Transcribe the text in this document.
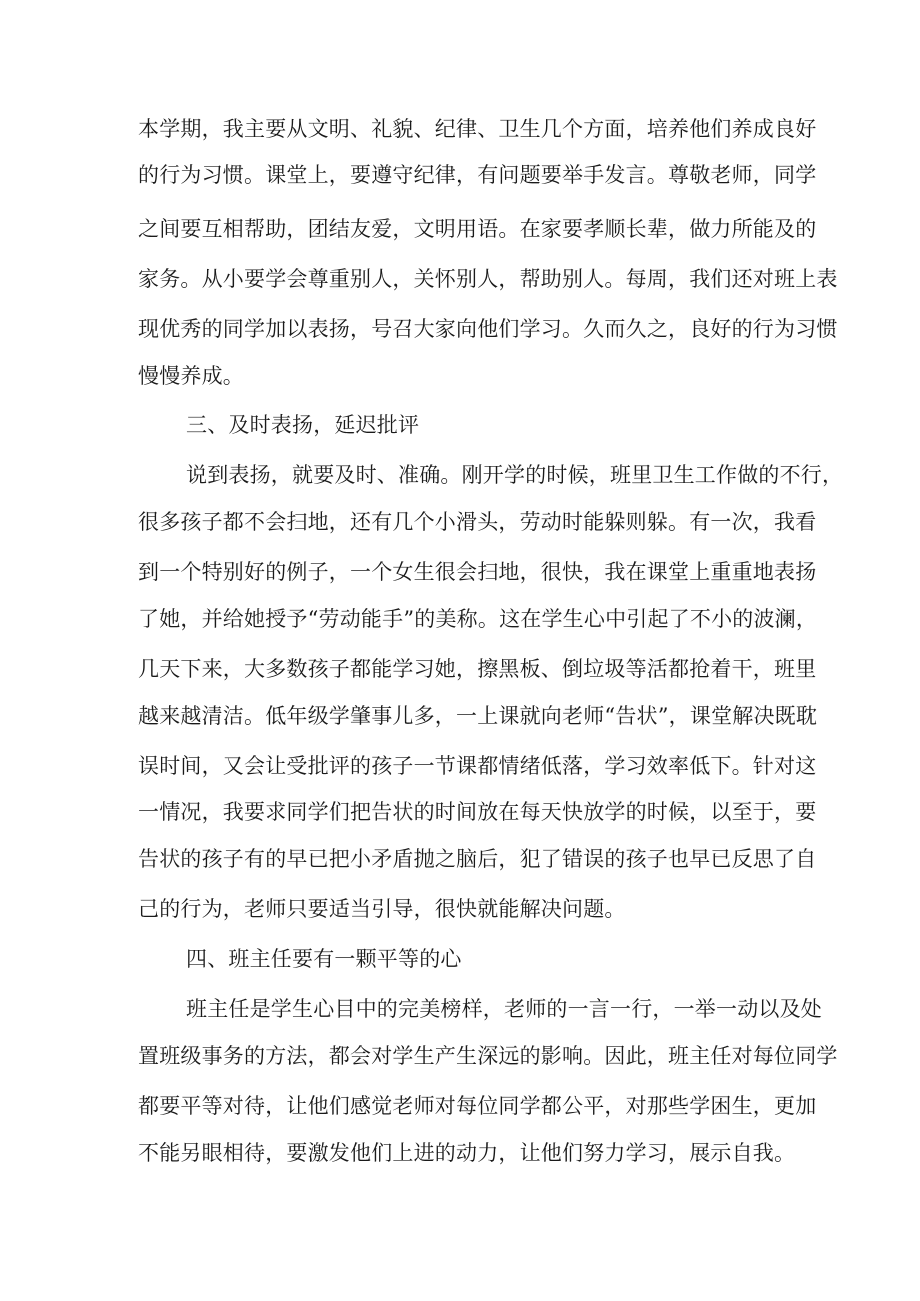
本学期，我主要从文明、礼貌、纪律、卫生几个方面，培养他们养成良好
的行为习惯。课堂上，要遵守纪律，有问题要举手发言。尊敬老师，同学
之间要互相帮助，团结友爱，文明用语。在家要孝顺长辈，做力所能及的
家务。从小要学会尊重别人，关怀别人，帮助别人。每周，我们还对班上表
现优秀的同学加以表扬，号召大家向他们学习。久而久之，良好的行为习惯
慢慢养成。
三、及时表扬，延迟批评
说到表扬，就要及时、准确。刚开学的时候，班里卫生工作做的不行，
很多孩子都不会扫地，还有几个小滑头，劳动时能躲则躲。有一次，我看
到一个特别好的例子，一个女生很会扫地，很快，我在课堂上重重地表扬
了她，并给她授予“劳动能手”的美称。这在学生心中引起了不小的波澜，
几天下来，大多数孩子都能学习她，擦黑板、倒垃圾等活都抢着干，班里
越来越清洁。低年级学肇事儿多，一上课就向老师“告状”，课堂解决既耽
误时间，又会让受批评的孩子一节课都情绪低落，学习效率低下。针对这
一情况，我要求同学们把告状的时间放在每天快放学的时候，以至于，要
告状的孩子有的早已把小矛盾抛之脑后，犯了错误的孩子也早已反思了自
己的行为，老师只要适当引导，很快就能解决问题。
四、班主任要有一颗平等的心
班主任是学生心目中的完美榜样，老师的一言一行，一举一动以及处
置班级事务的方法，都会对学生产生深远的影响。因此，班主任对每位同学
都要平等对待，让他们感觉老师对每位同学都公平，对那些学困生，更加
不能另眼相待，要激发他们上进的动力，让他们努力学习，展示自我。
